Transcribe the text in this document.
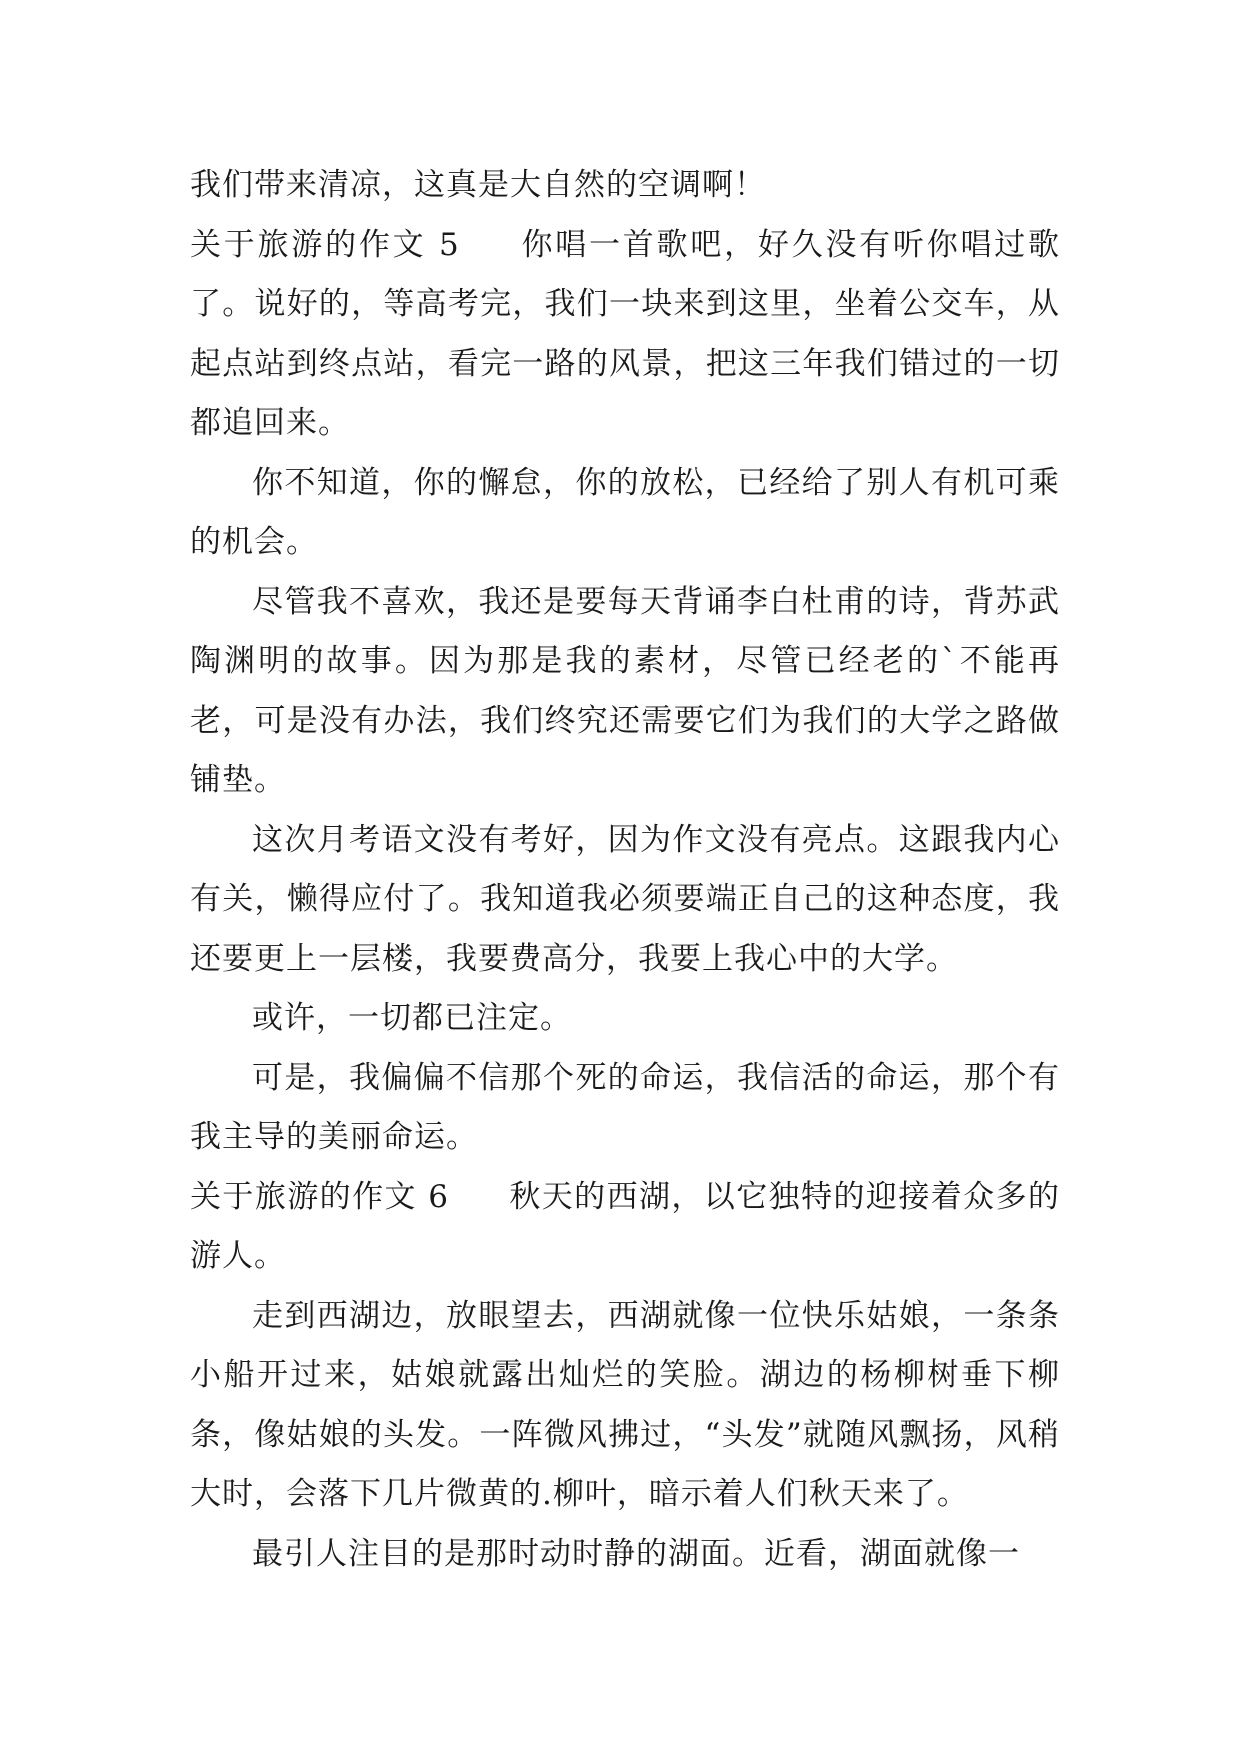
我们带来清凉，这真是大自然的空调啊！

关于旅游的作文 5 你唱一首歌吧，好久没有听你唱过歌了。说好的，等高考完，我们一块来到这里，坐着公交车，从起点站到终点站，看完一路的风景，把这三年我们错过的一切都追回来。

你不知道，你的懈怠，你的放松，已经给了别人有机可乘的机会。

尽管我不喜欢，我还是要每天背诵李白杜甫的诗，背苏武陶渊明的故事。因为那是我的素材，尽管已经老的`不能再老，可是没有办法，我们终究还需要它们为我们的大学之路做铺垫。

这次月考语文没有考好，因为作文没有亮点。这跟我内心有关，懒得应付了。我知道我必须要端正自己的这种态度，我还要更上一层楼，我要费高分，我要上我心中的大学。

或许，一切都已注定。

可是，我偏偏不信那个死的命运，我信活的命运，那个有我主导的美丽命运。

关于旅游的作文 6 秋天的西湖，以它独特的迎接着众多的游人。

走到西湖边，放眼望去，西湖就像一位快乐姑娘，一条条小船开过来，姑娘就露出灿烂的笑脸。湖边的杨柳树垂下柳条，像姑娘的头发。一阵微风拂过，“头发”就随风飘扬，风稍大时，会落下几片微黄的.柳叶，暗示着人们秋天来了。

最引人注目的是那时动时静的湖面。近看，湖面就像一
